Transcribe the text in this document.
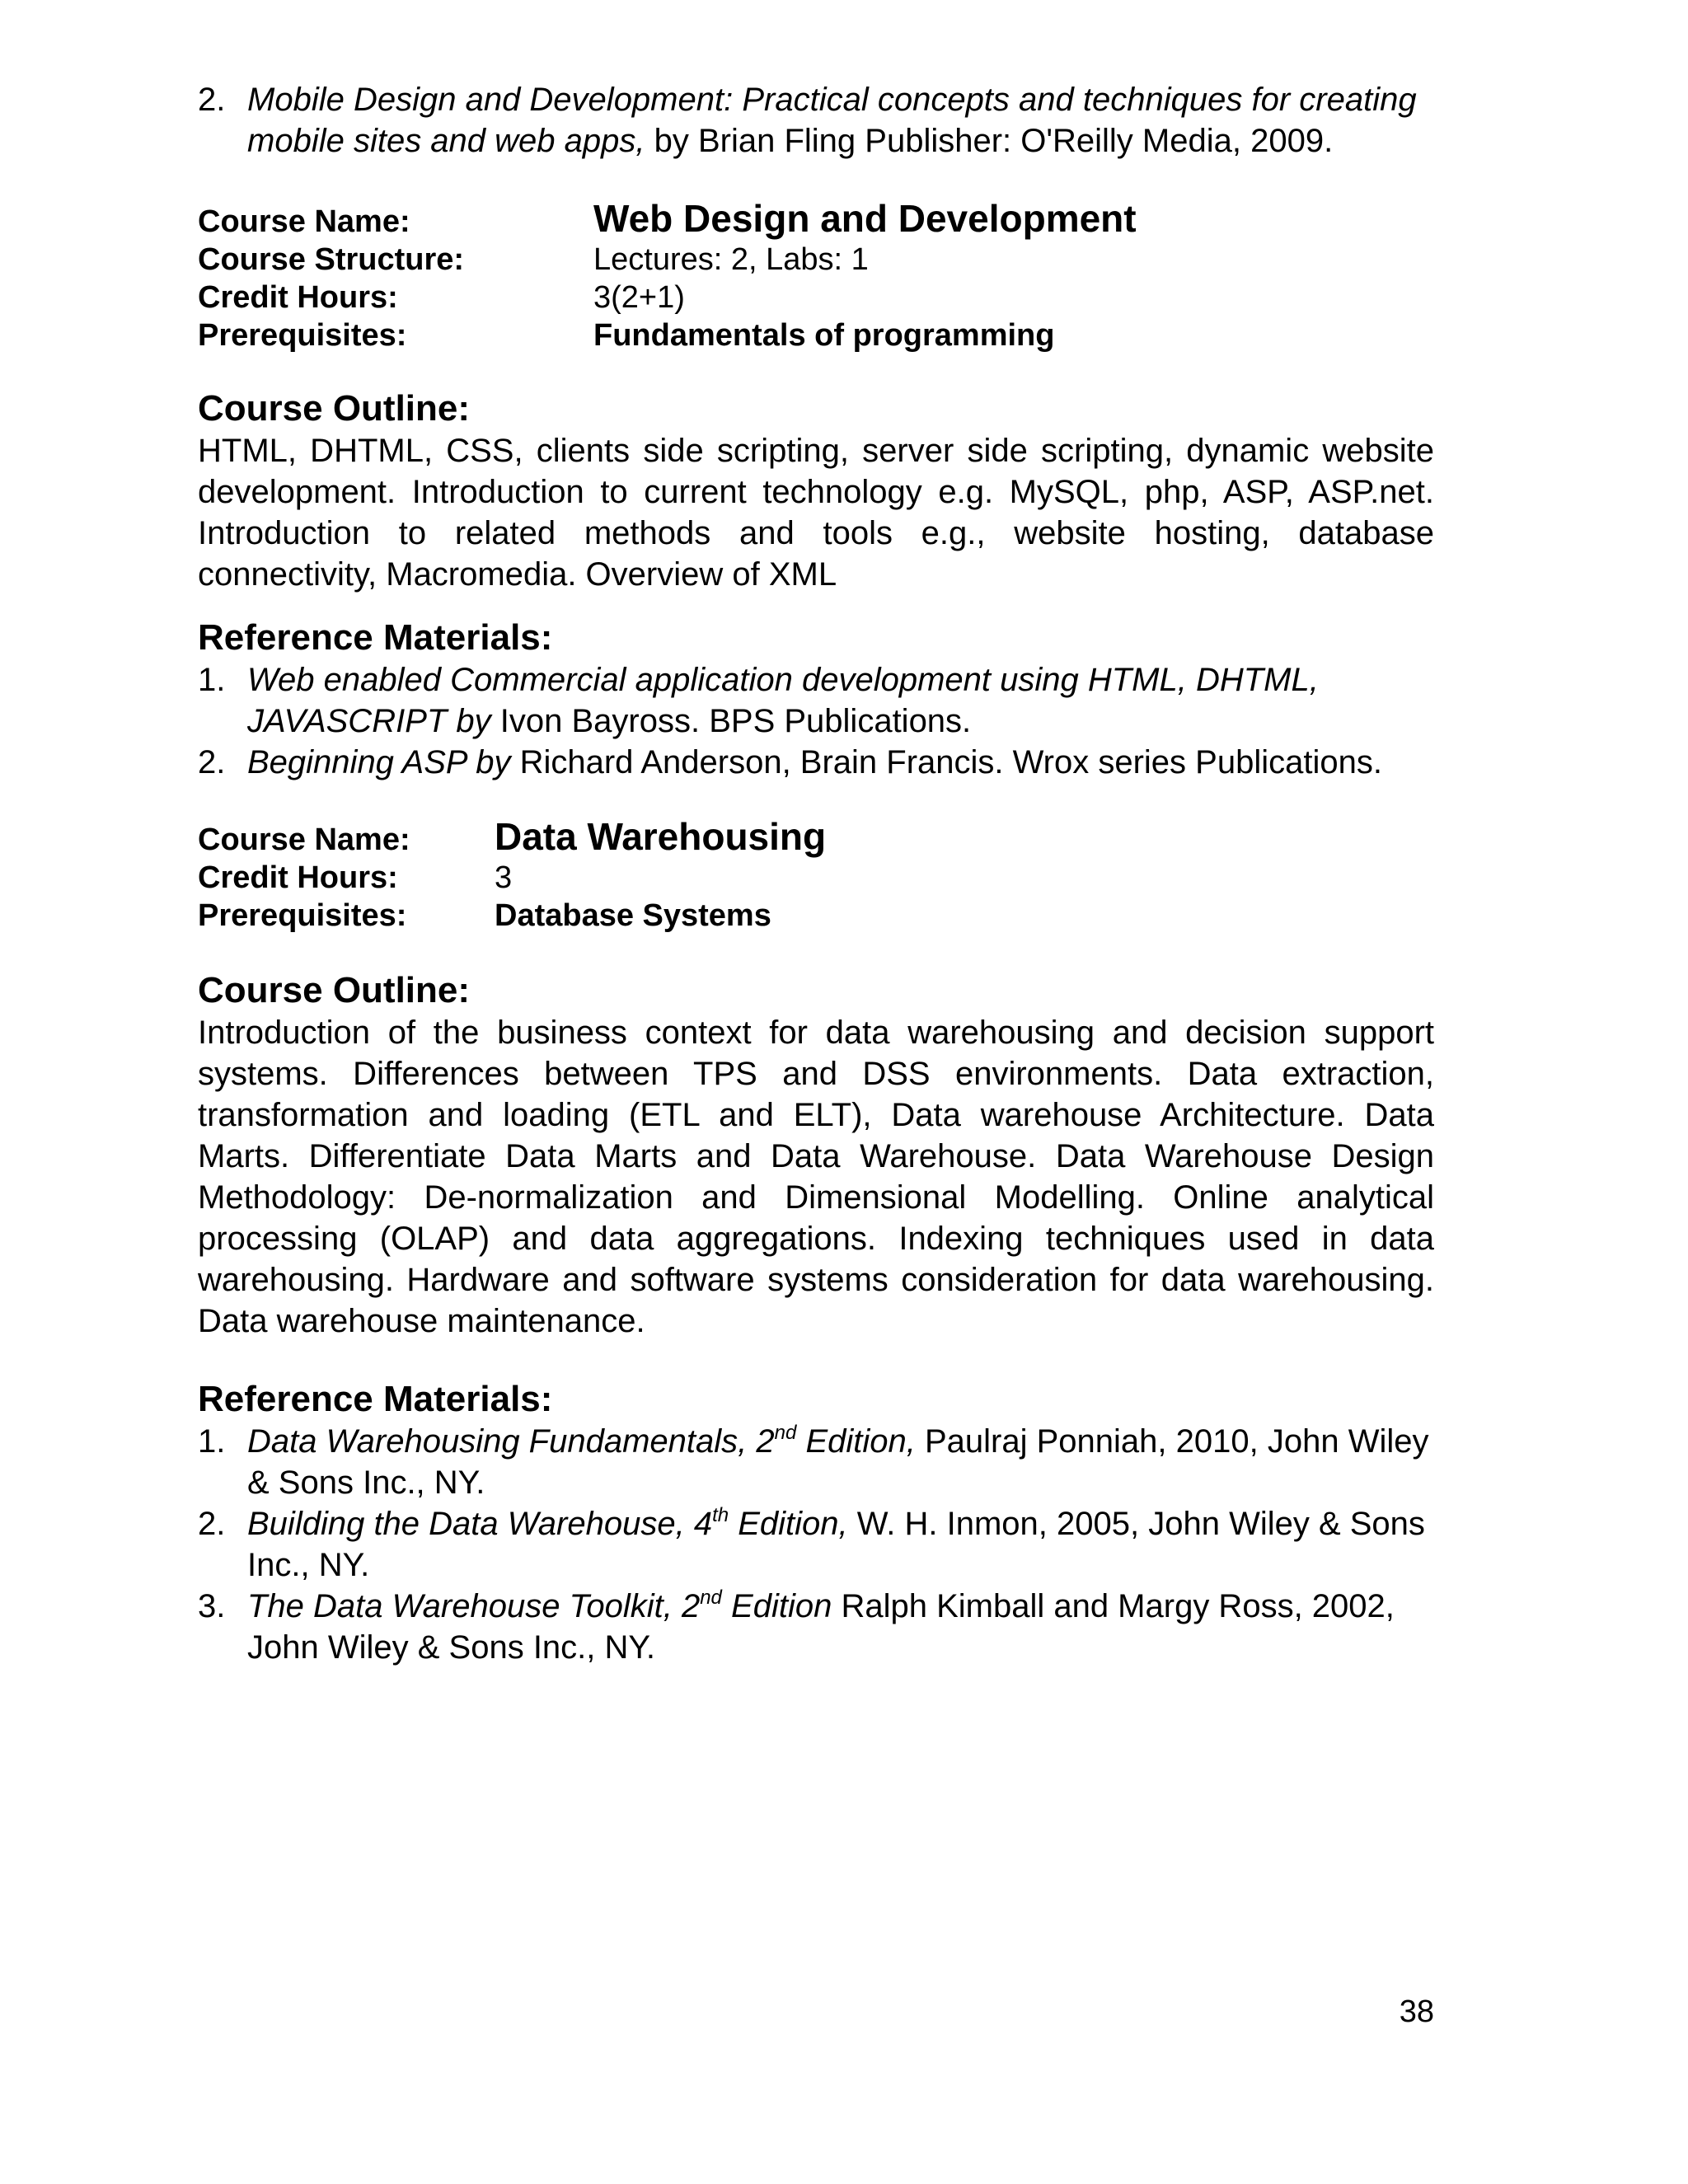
2. Mobile Design and Development: Practical concepts and techniques for creating mobile sites and web apps, by Brian Fling Publisher: O'Reilly Media, 2009.
Course Name:	Web Design and Development
Course Structure:	Lectures: 2, Labs: 1
Credit Hours:	3(2+1)
Prerequisites:	Fundamentals of programming
Course Outline:

HTML, DHTML, CSS, clients side scripting, server side scripting, dynamic website development. Introduction to current technology e.g. MySQL, php, ASP, ASP.net. Introduction to related methods and tools e.g., website hosting, database connectivity, Macromedia. Overview of XML

Reference Materials:
1. Web enabled Commercial application development using HTML, DHTML, JAVASCRIPT by Ivon Bayross. BPS Publications.
2. Beginning ASP by Richard Anderson, Brain Francis. Wrox series Publications.
Course Name:	Data Warehousing
Credit Hours:	3
Prerequisites:	Database Systems
Course Outline:

Introduction of the business context for data warehousing and decision support systems. Differences between TPS and DSS environments. Data extraction, transformation and loading (ETL and ELT), Data warehouse Architecture. Data Marts. Differentiate Data Marts and Data Warehouse. Data Warehouse Design Methodology: De-normalization and Dimensional Modelling. Online analytical processing (OLAP) and data aggregations. Indexing techniques used in data warehousing. Hardware and software systems consideration for data warehousing. Data warehouse maintenance.

Reference Materials:
1. Data Warehousing Fundamentals, 2nd Edition, Paulraj Ponniah, 2010, John Wiley & Sons Inc., NY.
2. Building the Data Warehouse, 4th Edition, W. H. Inmon, 2005, John Wiley & Sons Inc., NY.
3. The Data Warehouse Toolkit, 2nd Edition Ralph Kimball and Margy Ross, 2002, John Wiley & Sons Inc., NY.
38
